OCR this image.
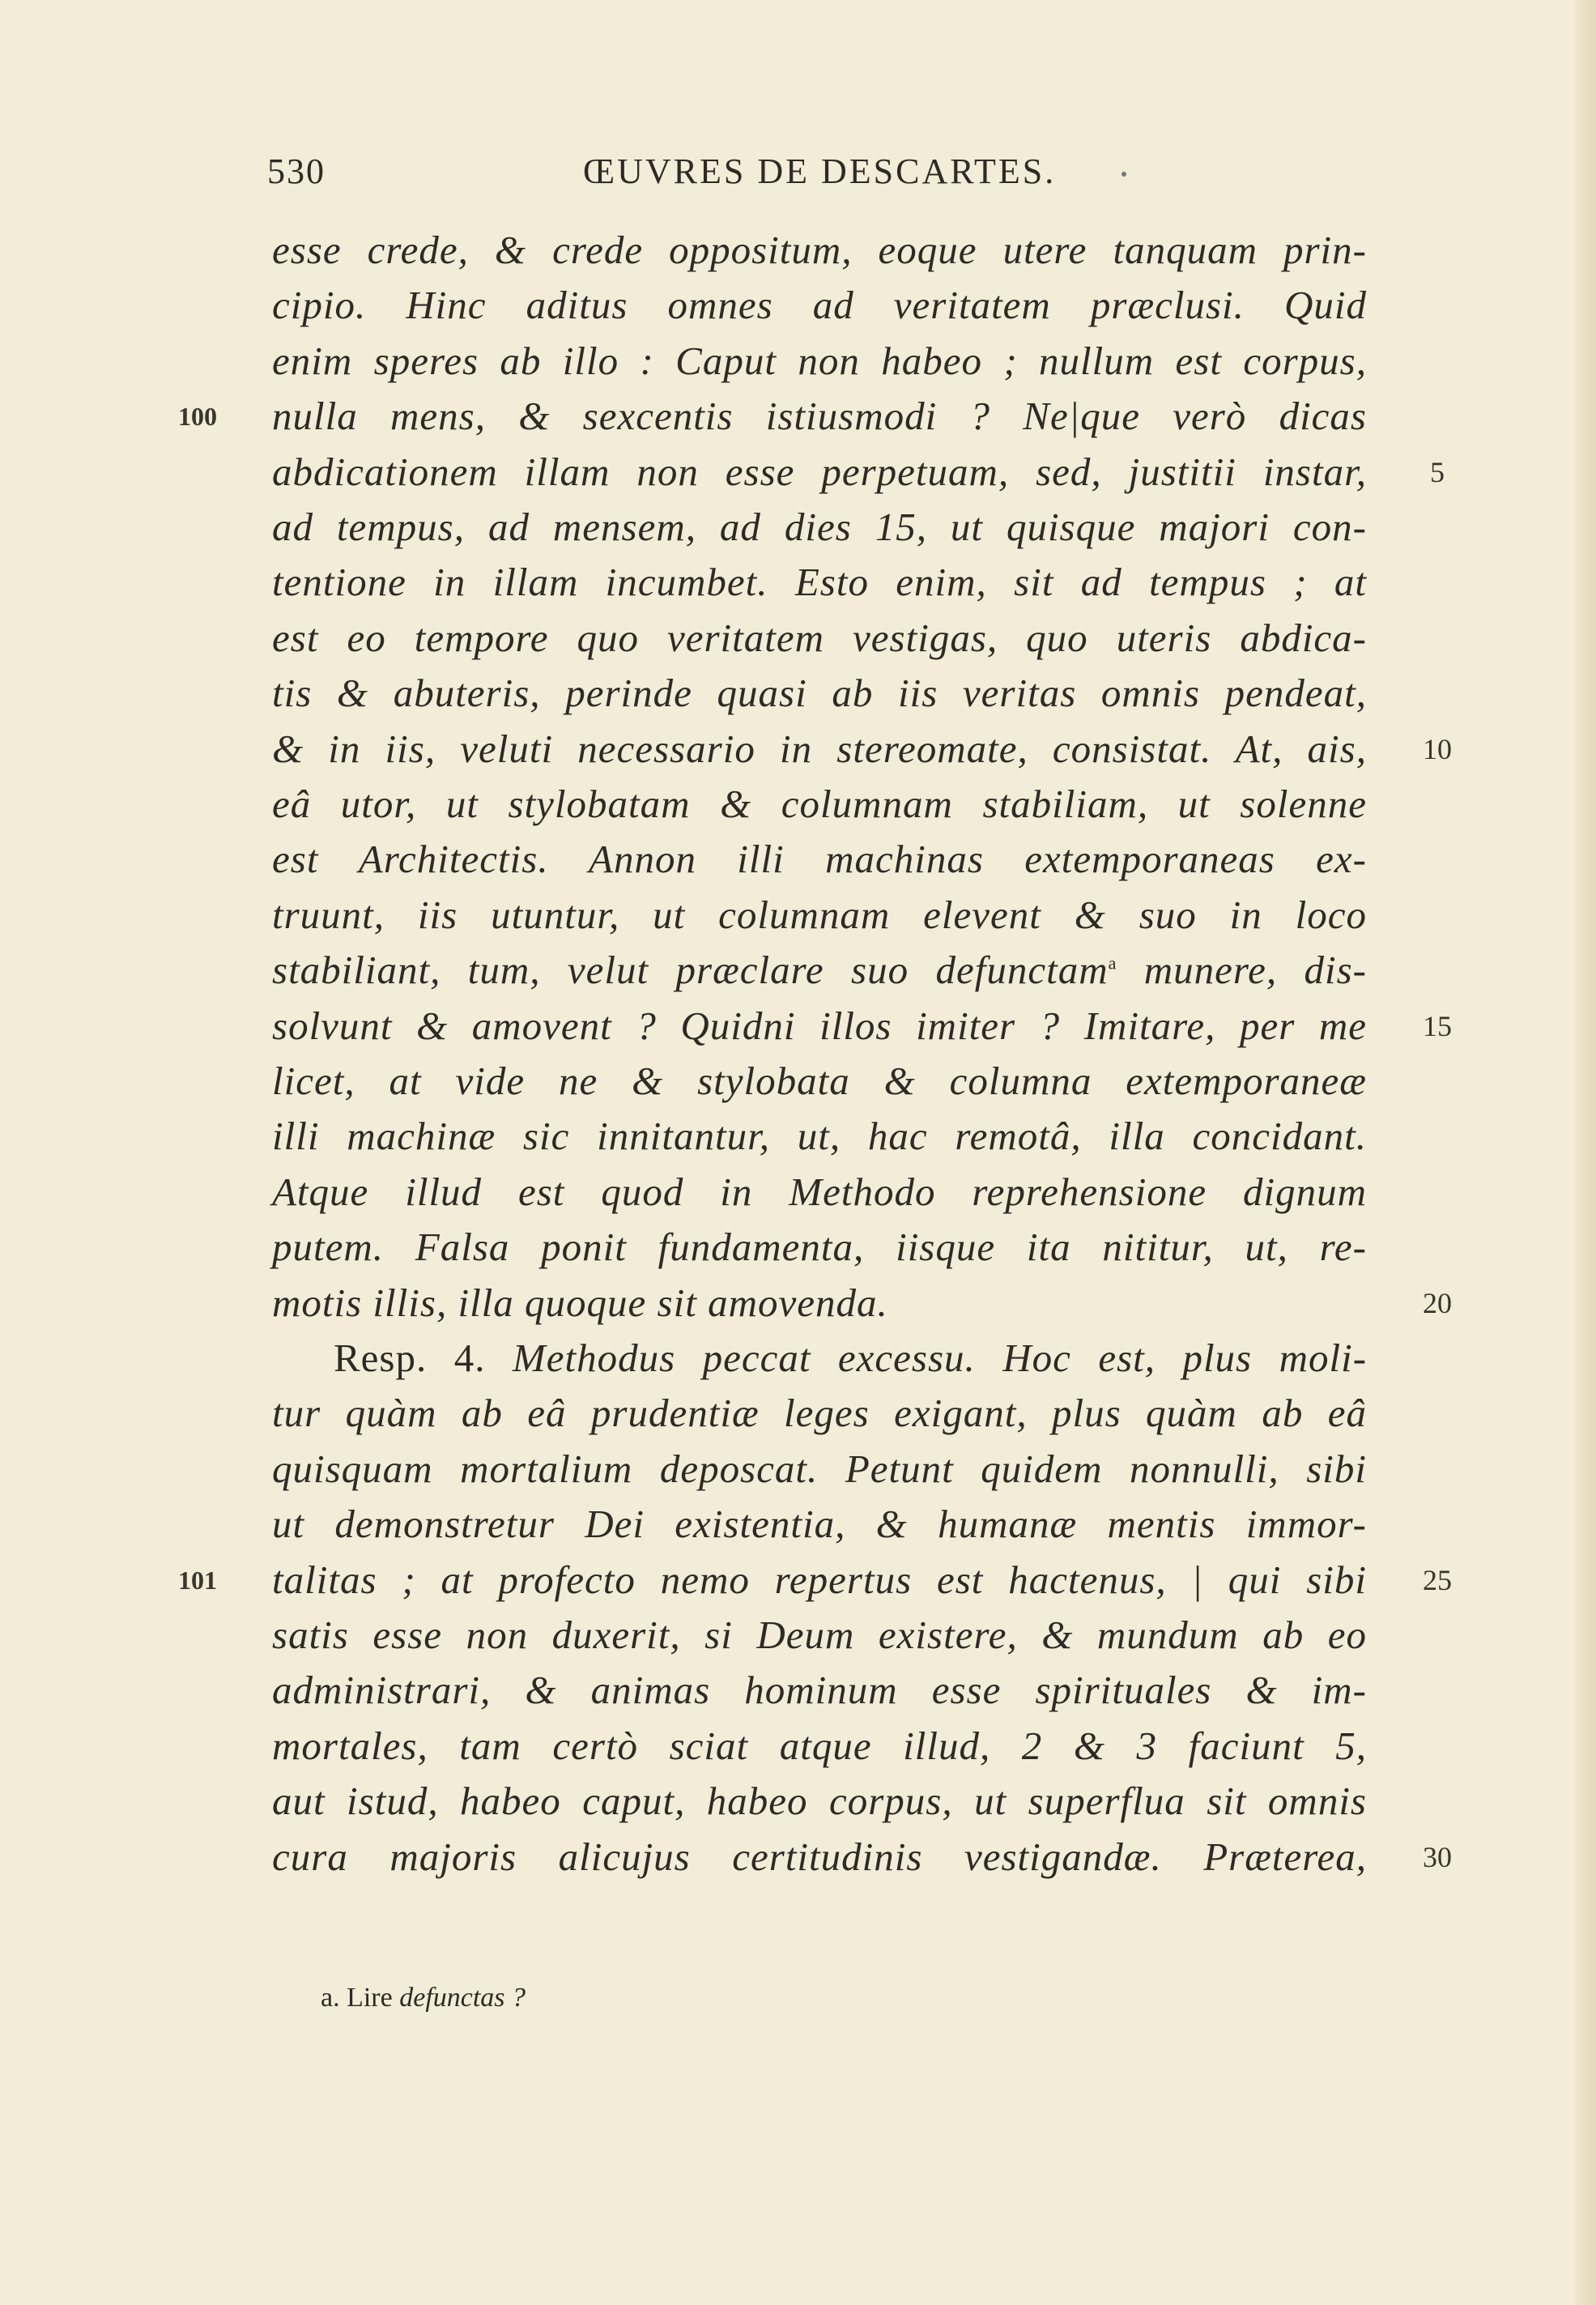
530	ŒUVRES DE DESCARTES.
esse crede, & crede oppositum, eoque utere tanquam prin-
cipio. Hinc aditus omnes ad veritatem præclusi. Quid
enim speres ab illo : Caput non habeo ; nullum est corpus,
100 nulla mens, & sexcentis istiusmodi ? Ne|que verò dicas
abdicationem illam non esse perpetuam, sed, justitii instar,	5
ad tempus, ad mensem, ad dies 15, ut quisque majori con-
tentione in illam incumbet. Esto enim, sit ad tempus ; at
est eo tempore quo veritatem vestigas, quo uteris abdica-
tis & abuteris, perinde quasi ab iis veritas omnis pendeat,
& in iis, veluti necessario in stereomate, consistat. At, ais,	10
eâ utor, ut stylobatam & columnam stabiliam, ut solenne
est Architectis. Annon illi machinas extemporaneas ex-
truunt, iis utuntur, ut columnam elevent & suo in loco
stabiliant, tum, velut præclare suo defunctam$^a$ munere, dis-
solvunt & amovent ? Quidni illos imiter ? Imitare, per me	15
licet, at vide ne & stylobata & columna extemporaneæ
illi machinæ sic innitantur, ut, hac remotâ, illa concidant.
Atque illud est quod in Methodo reprehensione dignum
putem. Falsa ponit fundamenta, iisque ita nititur, ut, re-
motis illis, illa quoque sit amovenda.	20
Resp. 4. Methodus peccat excessu. Hoc est, plus moli-
tur quàm ab eâ prudentiæ leges exigant, plus quàm ab eâ
quisquam mortalium deposcat. Petunt quidem nonnulli, sibi
ut demonstretur Dei existentia, & humanæ mentis immor-
101 talitas ; at profecto nemo repertus est hactenus, | qui sibi	25
satis esse non duxerit, si Deum existere, & mundum ab eo
administrari, & animas hominum esse spirituales & im-
mortales, tam certò sciat atque illud, 2 & 3 faciunt 5,
aut istud, habeo caput, habeo corpus, ut superflua sit omnis
cura majoris alicujus certitudinis vestigandæ. Præterea,	30
a. Lire defunctas ?
